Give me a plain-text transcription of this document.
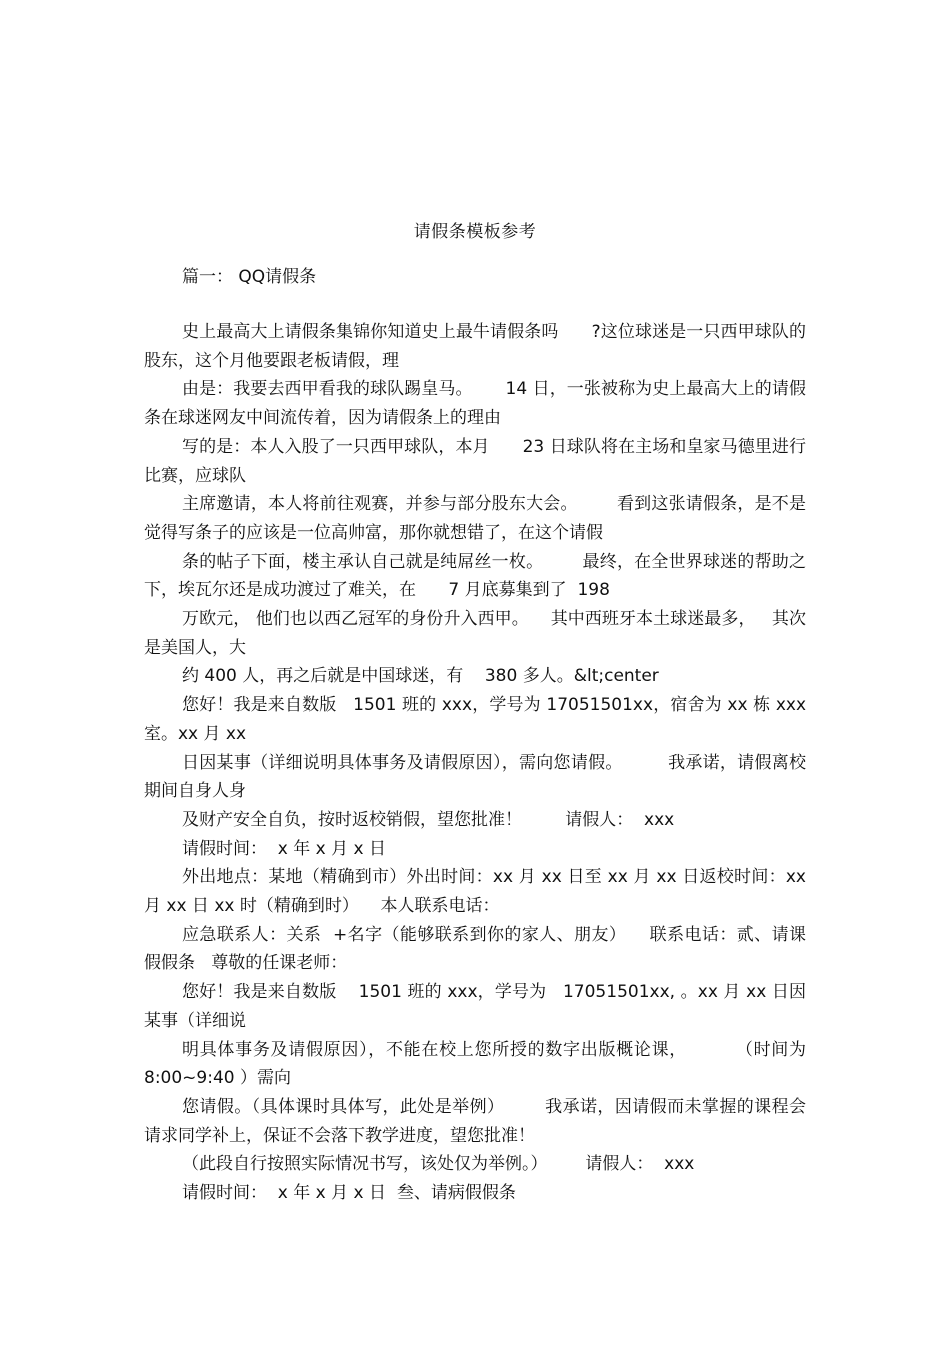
请假条模板参考
篇一： QQ请假条

史上最高大上请假条集锦你知道史上最牛请假条吗      ?这位球迷是一只西甲球队的股东，这个月他要跟老板请假，理

由是：我要去西甲看我的球队踢皇马。      14 日，一张被称为史上最高大上的请假条在球迷网友中间流传着，因为请假条上的理由

写的是：本人入股了一只西甲球队，本月      23 日球队将在主场和皇家马德里进行比赛，应球队

主席邀请，本人将前往观赛，并参与部分股东大会。       看到这张请假条，是不是觉得写条子的应该是一位高帅富，那你就想错了，在这个请假

条的帖子下面，楼主承认自己就是纯屌丝一枚。       最终，在全世界球迷的帮助之下，埃瓦尔还是成功渡过了难关，在      7 月底募集到了  198

万欧元， 他们也以西乙冠军的身份升入西甲。    其中西班牙本土球迷最多，   其次是美国人，大

约 400 人，再之后就是中国球迷，有    380 多人。&lt;center

您好！我是来自数版   1501 班的 xxx，学号为 17051501xx，宿舍为 xx 栋 xxx 室。xx 月 xx

日因某事（详细说明具体事务及请假原因），需向您请假。        我承诺，请假离校期间自身人身

及财产安全自负，按时返校销假，望您批准！        请假人：  xxx

请假时间：  x 年 x 月 x 日

外出地点：某地（精确到市）外出时间：xx 月 xx 日至 xx 月 xx 日返校时间：xx 月 xx 日 xx 时（精确到时）    本人联系电话：

应急联系人：关系  +名字（能够联系到你的家人、朋友）    联系电话：贰、请课假假条   尊敬的任课老师：

您好！我是来自数版    1501 班的 xxx，学号为   17051501xx, 。xx 月 xx 日因某事（详细说

明具体事务及请假原因），不能在校上您所授的数字出版概论课，        （时间为 8:00~9:40 ）需向

您请假。（具体课时具体写，此处是举例）       我承诺，因请假而未掌握的课程会请求同学补上，保证不会落下教学进度，望您批准！

（此段自行按照实际情况书写，该处仅为举例。）       请假人：  xxx

请假时间：  x 年 x 月 x 日  叁、请病假假条
